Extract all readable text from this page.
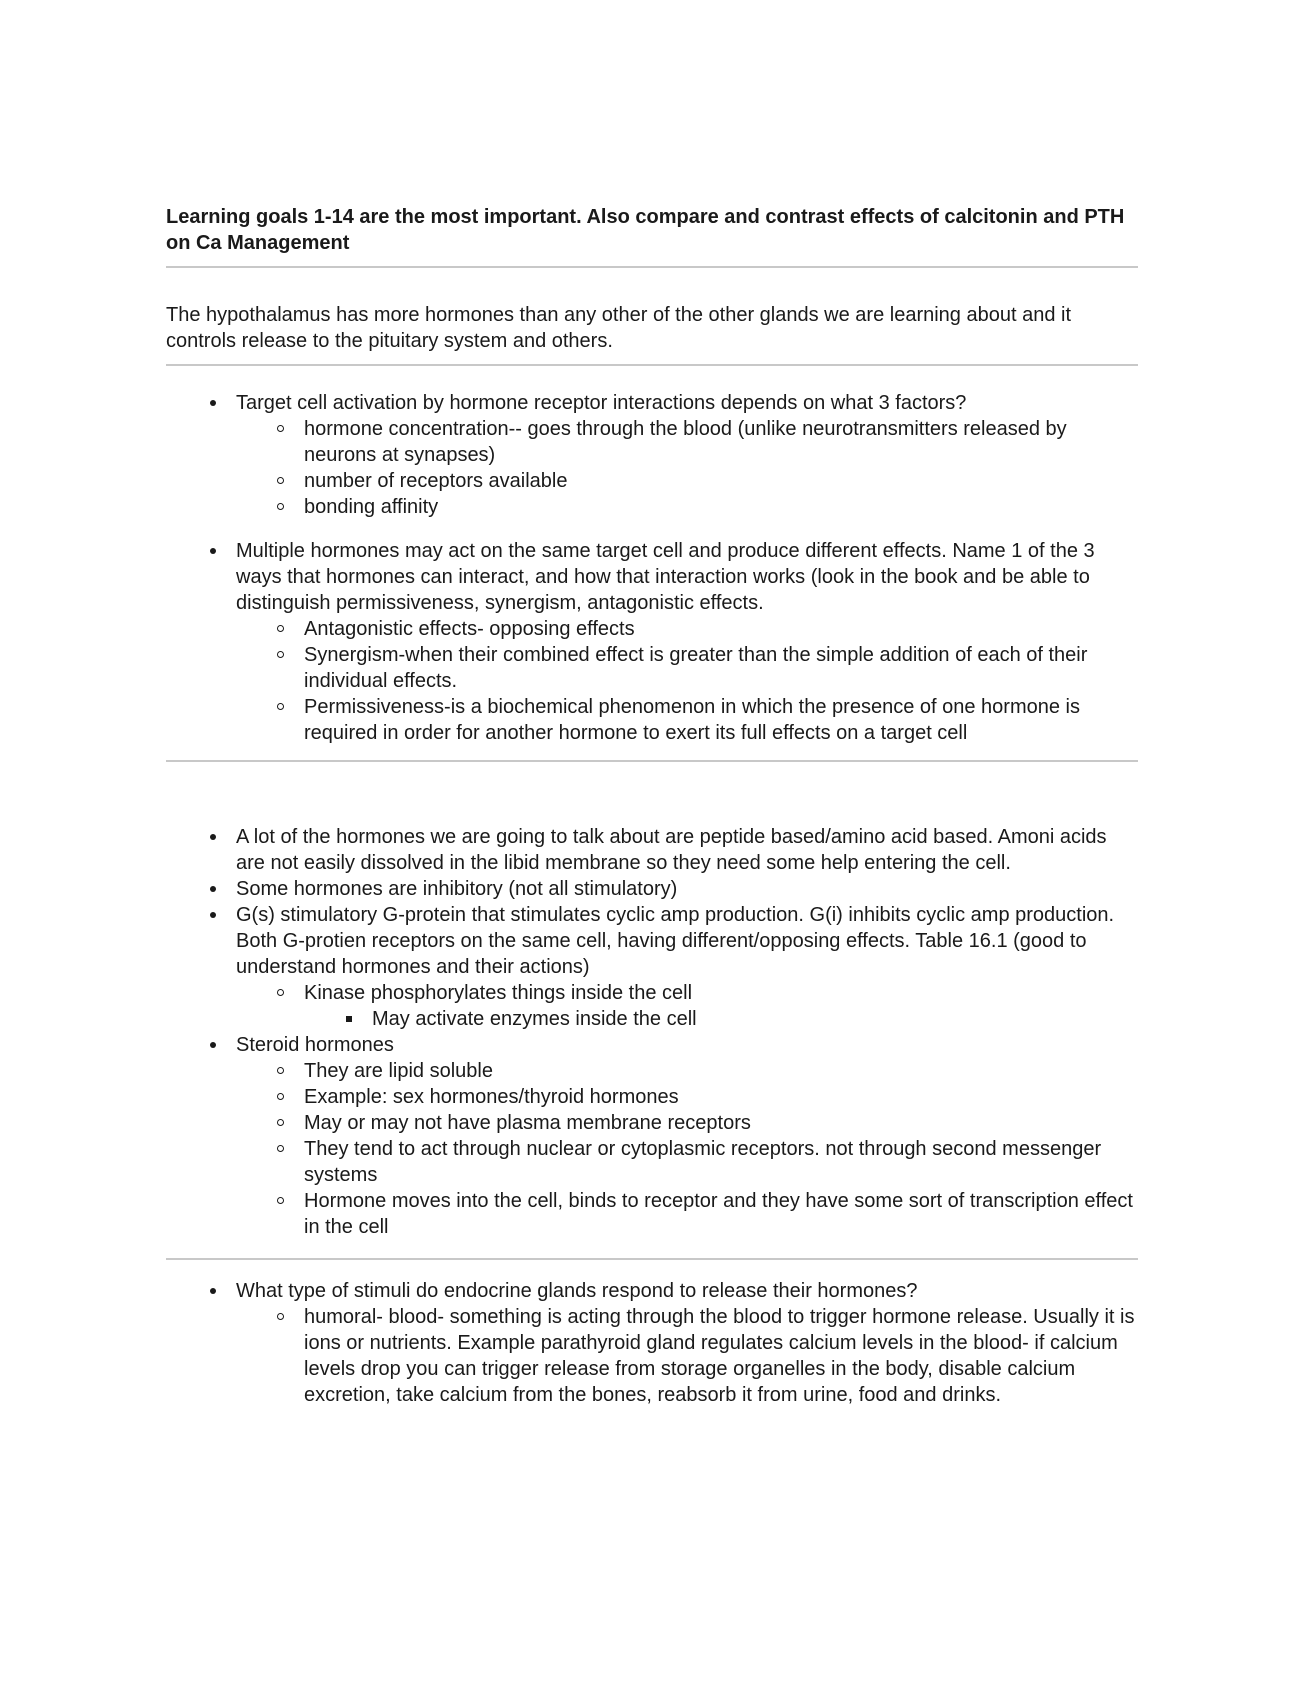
Learning goals 1-14 are the most important. Also compare and contrast effects of calcitonin and PTH on Ca Management

The hypothalamus has more hormones than any other of the other glands we are learning about and it controls release to the pituitary system and others.

Target cell activation by hormone receptor interactions depends on what 3 factors?
hormone concentration-- goes through the blood (unlike neurotransmitters released by neurons at synapses)
number of receptors available
bonding affinity
Multiple hormones may act on the same target cell and produce different effects. Name 1 of the 3 ways that hormones can interact, and how that interaction works (look in the book and be able to distinguish permissiveness, synergism, antagonistic effects.
Antagonistic effects- opposing effects
Synergism-when their combined effect is greater than the simple addition of each of their individual effects.
Permissiveness-is a biochemical phenomenon in which the presence of one hormone is required in order for another hormone to exert its full effects on a target cell
A lot of the hormones we are going to talk about are peptide based/amino acid based. Amoni acids are not easily dissolved in the libid membrane so they need some help entering the cell.
Some hormones are inhibitory (not all stimulatory)
G(s) stimulatory G-protein that stimulates cyclic amp production. G(i) inhibits cyclic amp production. Both G-protien receptors on the same cell, having different/opposing effects. Table 16.1 (good to understand hormones and their actions)
Kinase phosphorylates things inside the cell
May activate enzymes inside the cell
Steroid hormones
They are lipid soluble
Example: sex hormones/thyroid hormones
May or may not have plasma membrane receptors
They tend to act through nuclear or cytoplasmic receptors. not through second messenger systems
Hormone moves into the cell, binds to receptor and they have some sort of transcription effect in the cell
What type of stimuli do endocrine glands respond to release their hormones?
humoral- blood- something is acting through the blood to trigger hormone release. Usually it is ions or nutrients. Example parathyroid gland regulates calcium levels in the blood- if calcium levels drop you can trigger release from storage organelles in the body, disable calcium excretion, take calcium from the bones, reabsorb it from urine, food and drinks.
